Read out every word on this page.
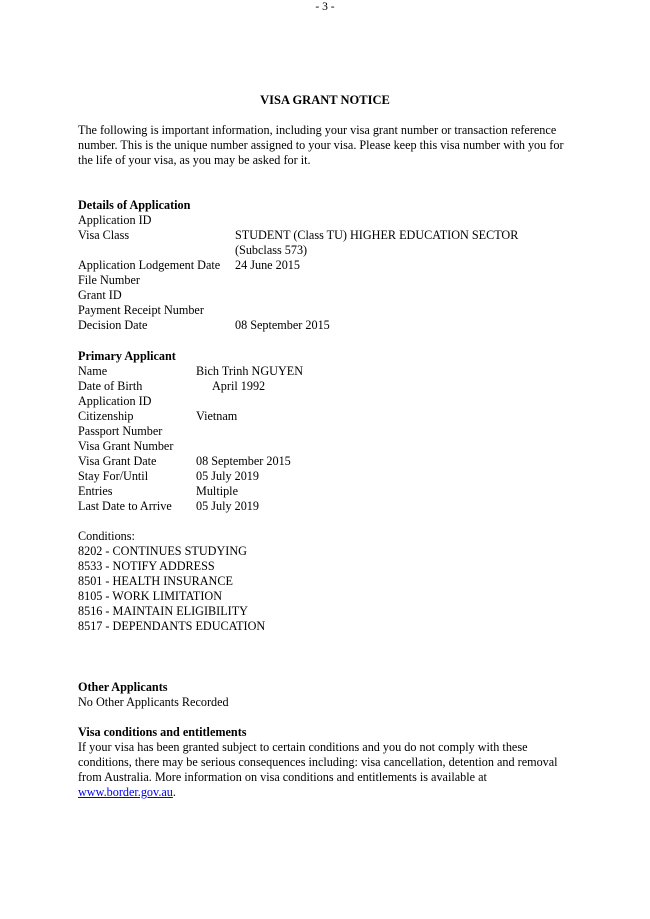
- 3 -
VISA GRANT NOTICE
The following is important information, including your visa grant number or transaction reference number. This is the unique number assigned to your visa. Please keep this visa number with you for the life of your visa, as you may be asked for it.
Details of Application
Application ID
Visa Class	STUDENT (Class TU) HIGHER EDUCATION SECTOR
(Subclass 573)
Application Lodgement Date 24 June 2015
File Number
Grant ID
Payment Receipt Number
Decision Date	08 September 2015
Primary Applicant
Name	Bich Trinh NGUYEN
Date of Birth	April 1992
Application ID
Citizenship	Vietnam
Passport Number
Visa Grant Number
Visa Grant Date	08 September 2015
Stay For/Until	05 July 2019
Entries	Multiple
Last Date to Arrive 05 July 2019
Conditions:
8202 - CONTINUES STUDYING
8533 - NOTIFY ADDRESS
8501 - HEALTH INSURANCE
8105 - WORK LIMITATION
8516 - MAINTAIN ELIGIBILITY
8517 - DEPENDANTS EDUCATION
Other Applicants
No Other Applicants Recorded
Visa conditions and entitlements
If your visa has been granted subject to certain conditions and you do not comply with these conditions, there may be serious consequences including: visa cancellation, detention and removal from Australia. More information on visa conditions and entitlements is available at www.border.gov.au.
